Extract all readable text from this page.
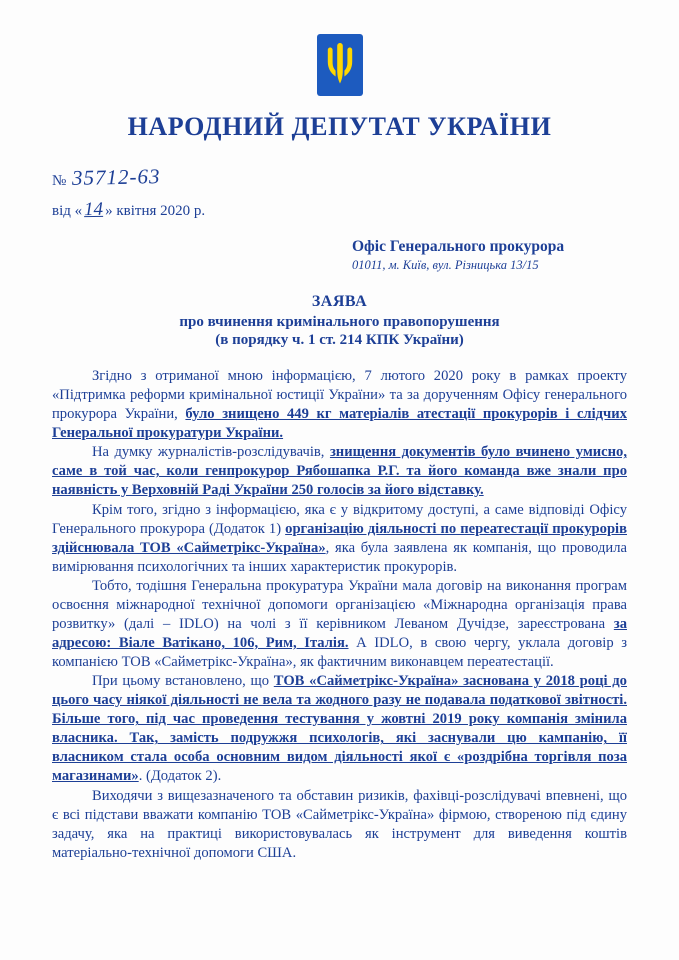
НАРОДНИЙ ДЕПУТАТ УКРАЇНИ
№ 35712-63
від «14 » квітня 2020 р.
Офіс Генерального прокурора
01011, м. Київ, вул. Різницька 13/15
ЗАЯВА
про вчинення кримінального правопорушення
(в порядку ч. 1 ст. 214 КПК України)

Згідно з отриманої мною інформацією, 7 лютого 2020 року в рамках проекту «Підтримка реформи кримінальної юстиції України» та за дорученням Офісу генерального прокурора України, було знищено 449 кг матеріалів атестації прокурорів і слідчих Генеральної прокуратури України.

На думку журналістів-розслідувачів, знищення документів було вчинено умисно, саме в той час, коли генпрокурор Рябошапка Р.Г. та його команда вже знали про наявність у Верховній Раді України 250 голосів за його відставку.

Крім того, згідно з інформацією, яка є у відкритому доступі, а саме відповіді Офісу Генерального прокурора (Додаток 1) організацію діяльності по переатестації прокурорів здійснювала ТОВ «Сайметрікс-Україна», яка була заявлена як компанія, що проводила вимірювання психологічних та інших характеристик прокурорів.

Тобто, тодішня Генеральна прокуратура України мала договір на виконання програм освоєння міжнародної технічної допомоги організацією «Міжнародна організація права розвитку» (далі – IDLO) на чолі з її керівником Леваном Дучідзе, зареєстрована за адресою: Віале Ватікано, 106, Рим, Італія. А IDLO, в свою чергу, уклала договір з компанією ТОВ «Сайметрікс-Україна», як фактичним виконавцем переатестації.

При цьому встановлено, що ТОВ «Сайметрікс-Україна» заснована у 2018 році до цього часу ніякої діяльності не вела та жодного разу не подавала податкової звітності. Більше того, під час проведення тестування у жовтні 2019 року компанія змінила власника. Так, замість подружжя психологів, які заснували цю кампанію, її власником стала особа основним видом діяльності якої є «роздрібна торгівля поза магазинами». (Додаток 2).

Виходячи з вищезазначеного та обставин ризиків, фахівці-розслідувачі впевнені, що є всі підстави вважати компанію ТОВ «Сайметрікс-Україна» фірмою, створеною під єдину задачу, яка на практиці використовувалась як інструмент для виведення коштів матеріально-технічної допомоги США.
